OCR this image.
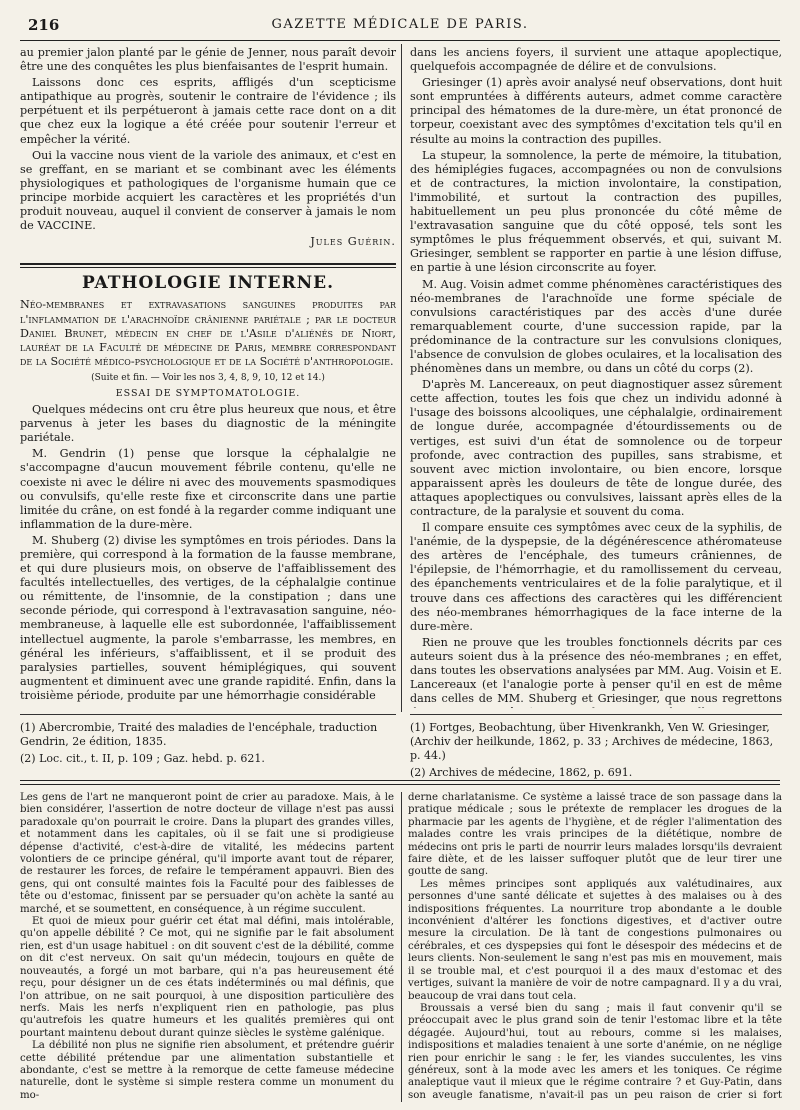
216	GAZETTE MÉDICALE DE PARIS.

au premier jalon planté par le génie de Jenner, nous paraît devoir être une des conquêtes les plus bienfaisantes de l'esprit humain.

Laissons donc ces esprits, affligés d'un scepticisme antipathique au progrès, soutenir le contraire de l'évidence ; ils perpétuent et ils perpétueront à jamais cette race dont on a dit que chez eux la logique a été créée pour soutenir l'erreur et empêcher la vérité.

Oui la vaccine nous vient de la variole des animaux, et c'est en se greffant, en se mariant et se combinant avec les éléments physiologiques et pathologiques de l'organisme humain que ce principe morbide acquiert les caractères et les propriétés d'un produit nouveau, auquel il convient de conserver à jamais le nom de VACCINE.

Jules Guérin.
PATHOLOGIE INTERNE.

Néo-membranes et extravasations sanguines produites par l'inflammation de l'arachnoïde crânienne pariétale ; par le docteur Daniel Brunet, médecin en chef de l'Asile d'aliénés de Niort, lauréat de la Faculté de médecine de Paris, membre correspondant de la Société médico-psychologique et de la Société d'anthropologie.

(Suite et fin. — Voir les nos 3, 4, 8, 9, 10, 12 et 14.)

ESSAI DE SYMPTOMATOLOGIE.

Quelques médecins ont cru être plus heureux que nous, et être parvenus à jeter les bases du diagnostic de la méningite pariétale.

M. Gendrin (1) pense que lorsque la céphalalgie ne s'accompagne d'aucun mouvement fébrile contenu, qu'elle ne coexiste ni avec le délire ni avec des mouvements spasmodiques ou convulsifs, qu'elle reste fixe et circonscrite dans une partie limitée du crâne, on est fondé à la regarder comme indiquant une inflammation de la dure-mère.

M. Shuberg (2) divise les symptômes en trois périodes. Dans la première, qui correspond à la formation de la fausse membrane, et qui dure plusieurs mois, on observe de l'affaiblissement des facultés intellectuelles, des vertiges, de la céphalalgie continue ou rémittente, de l'insomnie, de la constipation ; dans une seconde période, qui correspond à l'extravasation sanguine, néo-membraneuse, à laquelle elle est subordonnée, l'affaiblissement intellectuel augmente, la parole s'embarrasse, les membres, en général les inférieurs, s'affaiblissent, et il se produit des paralysies partielles, souvent hémiplégiques, qui souvent augmentent et diminuent avec une grande rapidité. Enfin, dans la troisième période, produite par une hémorrhagie considérable

dans les anciens foyers, il survient une attaque apoplectique, quelquefois accompagnée de délire et de convulsions.

Griesinger (1) après avoir analysé neuf observations, dont huit sont empruntées à différents auteurs, admet comme caractère principal des hématomes de la dure-mère, un état prononcé de torpeur, coexistant avec des symptômes d'excitation tels qu'il en résulte au moins la contraction des pupilles.

La stupeur, la somnolence, la perte de mémoire, la titubation, des hémiplégies fugaces, accompagnées ou non de convulsions et de contractures, la miction involontaire, la constipation, l'immobilité, et surtout la contraction des pupilles, habituellement un peu plus prononcée du côté même de l'extravasation sanguine que du côté opposé, tels sont les symptômes le plus fréquemment observés, et qui, suivant M. Griesinger, semblent se rapporter en partie à une lésion diffuse, en partie à une lésion circonscrite au foyer.

M. Aug. Voisin admet comme phénomènes caractéristiques des néo-membranes de l'arachnoïde une forme spéciale de convulsions caractéristiques par des accès d'une durée remarquablement courte, d'une succession rapide, par la prédominance de la contracture sur les convulsions cloniques, l'absence de convulsion de globes oculaires, et la localisation des phénomènes dans un membre, ou dans un côté du corps (2).

D'après M. Lancereaux, on peut diagnostiquer assez sûrement cette affection, toutes les fois que chez un individu adonné à l'usage des boissons alcooliques, une céphalalgie, ordinairement de longue durée, accompagnée d'étourdissements ou de vertiges, est suivi d'un état de somnolence ou de torpeur profonde, avec contraction des pupilles, sans strabisme, et souvent avec miction involontaire, ou bien encore, lorsque apparaissent après les douleurs de tête de longue durée, des attaques apoplectiques ou convulsives, laissant après elles de la contracture, de la paralysie et souvent du coma.

Il compare ensuite ces symptômes avec ceux de la syphilis, de l'anémie, de la dyspepsie, de la dégénérescence athéromateuse des artères de l'encéphale, des tumeurs crâniennes, de l'épilepsie, de l'hémorrhagie, et du ramollissement du cerveau, des épanchements ventriculaires et de la folie paralytique, et il trouve dans ces affections des caractères qui les différencient des néo-membranes hémorrhagiques de la face interne de la dure-mère.

Rien ne prouve que les troubles fonctionnels décrits par ces auteurs soient dus à la présence des néo-membranes ; en effet, dans toutes les observations analysées par MM. Aug. Voisin et E. Lancereaux (et l'analogie porte à penser qu'il en est de même dans celles de MM. Shuberg et Griesinger, que nous regrettons

(1) Abercrombie, Traité des maladies de l'encéphale, traduction Gendrin, 2e édition, 1835.

(2) Loc. cit., t. II, p. 109 ; Gaz. hebd. p. 621.

(1) Fortges, Beobachtung, über Hivenkrankh, Ven W. Griesinger, (Archiv der heilkunde, 1862, p. 33 ; Archives de médecine, 1863, p. 44.)

(2) Archives de médecine, 1862, p. 691.

Les gens de l'art ne manqueront point de crier au paradoxe. Mais, à le bien considérer, l'assertion de notre docteur de village n'est pas aussi paradoxale qu'on pourrait le croire. Dans la plupart des grandes villes, et notamment dans les capitales, où il se fait une si prodigieuse dépense d'activité, c'est-à-dire de vitalité, les médecins partent volontiers de ce principe général, qu'il importe avant tout de réparer, de restaurer les forces, de refaire le tempérament appauvri. Bien des gens, qui ont consulté maintes fois la Faculté pour des faiblesses de tête ou d'estomac, finissent par se persuader qu'on achète la santé au marché, et se soumettent, en conséquence, à un régime succulent.

Et quoi de mieux pour guérir cet état mal défini, mais intolérable, qu'on appelle débilité ? Ce mot, qui ne signifie par le fait absolument rien, est d'un usage habituel : on dit souvent c'est de la débilité, comme on dit c'est nerveux. On sait qu'un médecin, toujours en quête de nouveautés, a forgé un mot barbare, qui n'a pas heureusement été reçu, pour désigner un de ces états indéterminés ou mal définis, que l'on attribue, on ne sait pourquoi, à une disposition particulière des nerfs. Mais les nerfs n'expliquent rien en pathologie, pas plus qu'autrefois les quatre humeurs et les qualités premières qui ont pourtant maintenu debout durant quinze siècles le système galénique.

La débilité non plus ne signifie rien absolument, et prétendre guérir cette débilité prétendue par une alimentation substantielle et abondante, c'est se mettre à la remorque de cette fameuse médecine naturelle, dont le système si simple restera comme un monument du mo-

derne charlatanisme. Ce système a laissé trace de son passage dans la pratique médicale ; sous le prétexte de remplacer les drogues de la pharmacie par les agents de l'hygiène, et de régler l'alimentation des malades contre les vrais principes de la diététique, nombre de médecins ont pris le parti de nourrir leurs malades lorsqu'ils devraient faire diète, et de les laisser suffoquer plutôt que de leur tirer une goutte de sang.

Les mêmes principes sont appliqués aux valétudinaires, aux personnes d'une santé délicate et sujettes à des malaises ou à des indispositions fréquentes. La nourriture trop abondante a le double inconvénient d'altérer les fonctions digestives, et d'activer outre mesure la circulation. De là tant de congestions pulmonaires ou cérébrales, et ces dyspepsies qui font le désespoir des médecins et de leurs clients. Non-seulement le sang n'est pas mis en mouvement, mais il se trouble mal, et c'est pourquoi il a des maux d'estomac et des vertiges, suivant la manière de voir de notre campagnard. Il y a du vrai, beaucoup de vrai dans tout cela.

Broussais a versé bien du sang ; mais il faut convenir qu'il se préoccupait avec le plus grand soin de tenir l'estomac libre et la tête dégagée. Aujourd'hui, tout au rebours, comme si les malaises, indispositions et maladies tenaient à une sorte d'anémie, on ne néglige rien pour enrichir le sang : le fer, les viandes succulentes, les vins généreux, sont à la mode avec les amers et les toniques. Ce régime analeptique vaut il mieux que le régime contraire ? et Guy-Patin, dans son aveugle fanatisme, n'avait-il pas un peu raison de crier si fort
